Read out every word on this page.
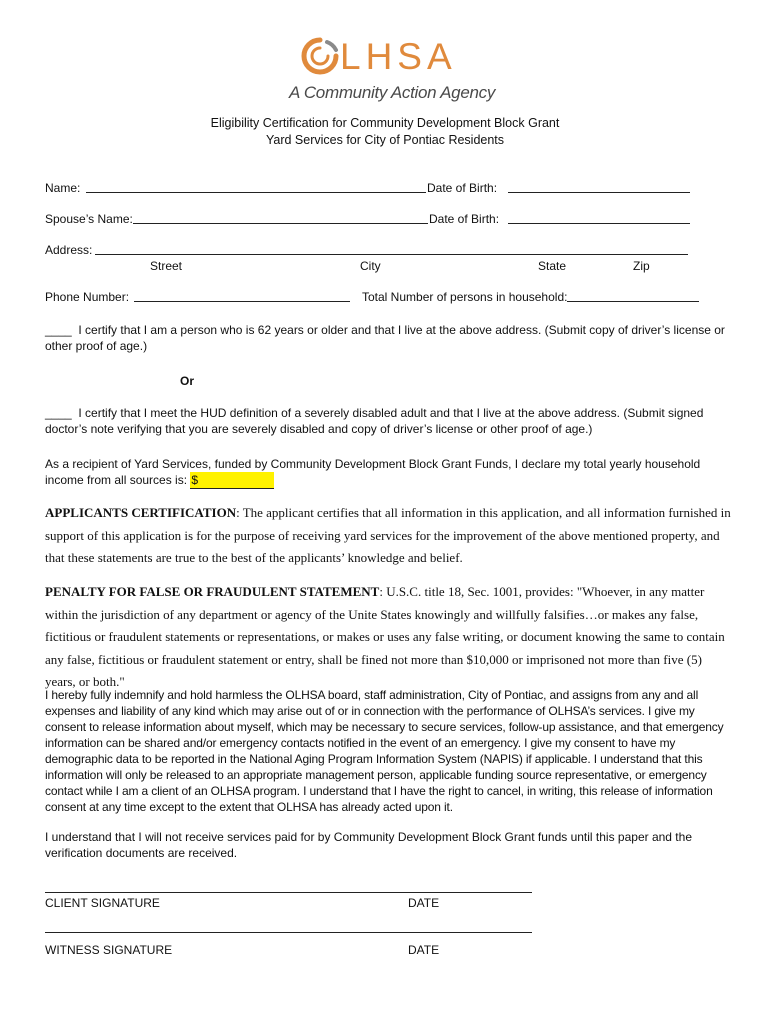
LHSA
A Community Action Agency
Eligibility Certification for Community Development Block Grant
Yard Services for City of Pontiac Residents
Name:	Date of Birth:
Spouse’s Name:	Date of Birth:
Address:
Street	City	State	Zip
Phone Number:	Total Number of persons in household:
____ I certify that I am a person who is 62 years or older and that I live at the above address. (Submit copy of driver’s license or other proof of age.)
Or
____ I certify that I meet the HUD definition of a severely disabled adult and that I live at the above address. (Submit signed doctor’s note verifying that you are severely disabled and copy of driver’s license or other proof of age.)
As a recipient of Yard Services, funded by Community Development Block Grant Funds, I declare my total yearly household income from all sources is: $
APPLICANTS CERTIFICATION: The applicant certifies that all information in this application, and all information furnished in support of this application is for the purpose of receiving yard services for the improvement of the above mentioned property, and that these statements are true to the best of the applicants’ knowledge and belief.
PENALTY FOR FALSE OR FRAUDULENT STATEMENT: U.S.C. title 18, Sec. 1001, provides: "Whoever, in any matter within the jurisdiction of any department or agency of the Unite States knowingly and willfully falsifies…or makes any false, fictitious or fraudulent statements or representations, or makes or uses any false writing, or document knowing the same to contain any false, fictitious or fraudulent statement or entry, shall be fined not more than $10,000 or imprisoned not more than five (5) years, or both."
I hereby fully indemnify and hold harmless the OLHSA board, staff administration, City of Pontiac, and assigns from any and all expenses and liability of any kind which may arise out of or in connection with the performance of OLHSA’s services. I give my consent to release information about myself, which may be necessary to secure services, follow-up assistance, and that emergency information can be shared and/or emergency contacts notified in the event of an emergency. I give my consent to have my demographic data to be reported in the National Aging Program Information System (NAPIS) if applicable. I understand that this information will only be released to an appropriate management person, applicable funding source representative, or emergency contact while I am a client of an OLHSA program. I understand that I have the right to cancel, in writing, this release of information consent at any time except to the extent that OLHSA has already acted upon it.
I understand that I will not receive services paid for by Community Development Block Grant funds until this paper and the verification documents are received.
CLIENT SIGNATURE	DATE
WITNESS SIGNATURE	DATE
